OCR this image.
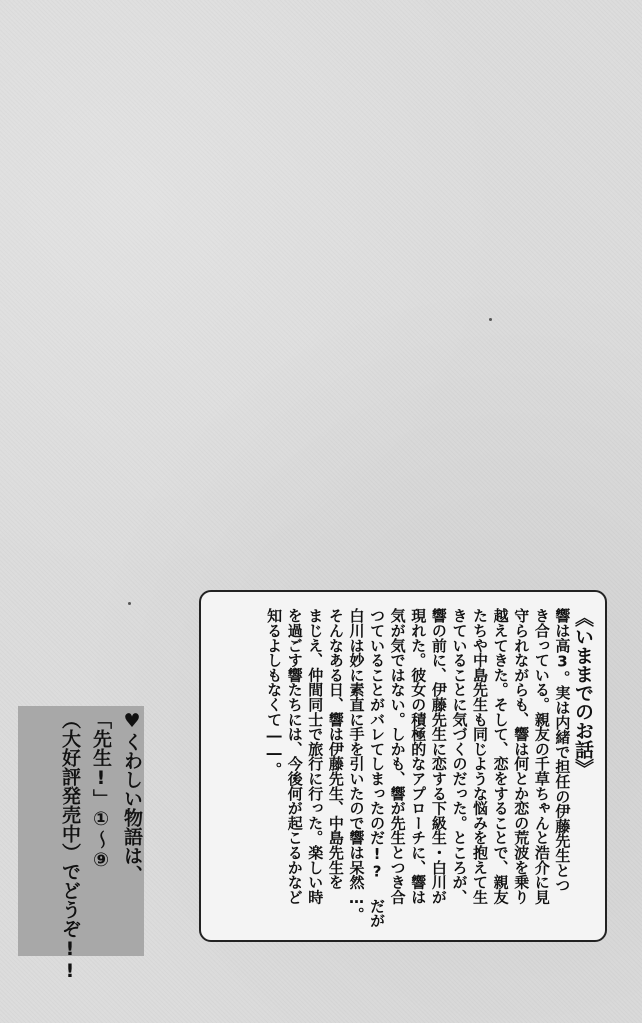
《いままでのお話》
響は高3。実は内緒で担任の伊藤先生とつ
き合っている。親友の千草ちゃんと浩介に見
守られながらも、響は何とか恋の荒波を乗り
越えてきた。そして、恋をすることで、親友
たちや中島先生も同じような悩みを抱えて生
きていることに気づくのだった。ところが、
響の前に、伊藤先生に恋する下級生・白川が
現れた。彼女の積極的なアプローチに、響は
気が気ではない。しかも、響が先生とつき合
つていることがバレてしまったのだ!? だが
白川は妙に素直に手を引いたので響は呆然…。
そんなある日、響は伊藤先生、中島先生を
まじえ、仲間同士で旅行に行った。楽しい時
を過ごす響たちには、今後何が起こるかなど
知るよしもなくて――。
♥くわしい物語は、
「先生!」①〜⑨
（大好評発売中）でどうぞ!!
